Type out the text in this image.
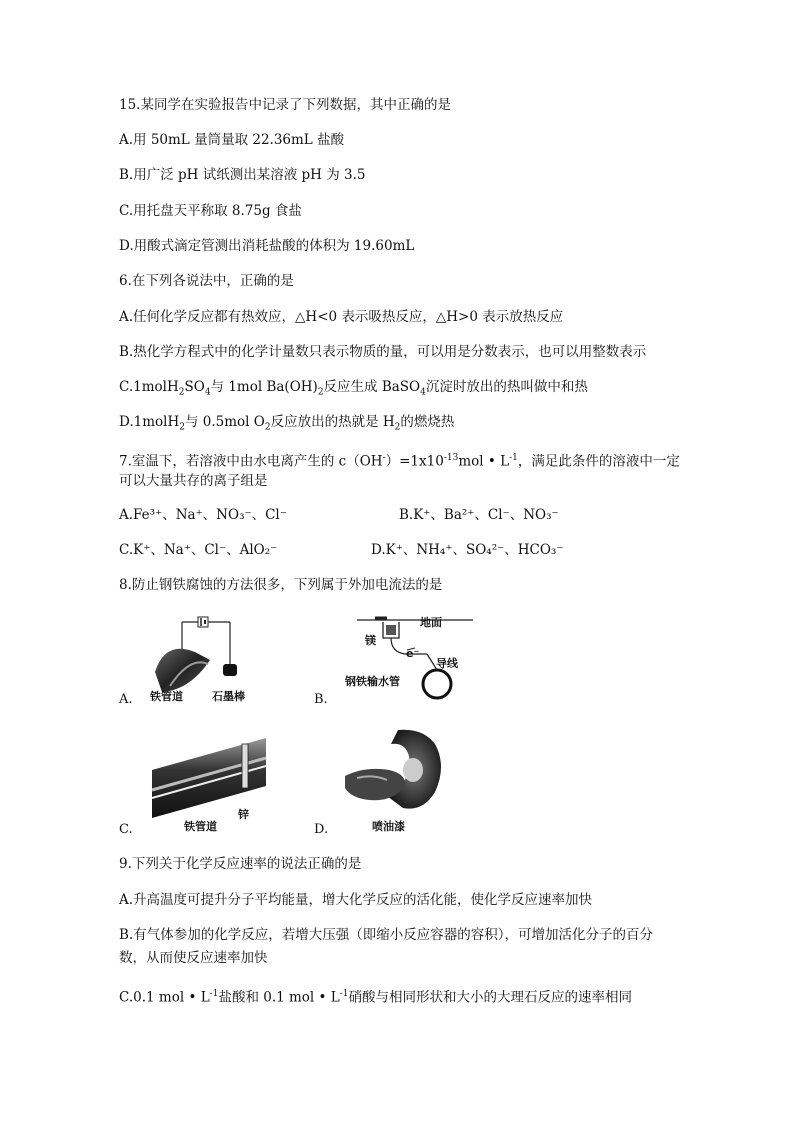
15.某同学在实验报告中记录了下列数据，其中正确的是
A.用 50mL 量筒量取 22.36mL 盐酸
B.用广泛 pH 试纸测出某溶液 pH 为 3.5
C.用托盘天平称取 8.75g 食盐
D.用酸式滴定管测出消耗盐酸的体积为 19.60mL
6.在下列各说法中，正确的是
A.任何化学反应都有热效应，△H<0 表示吸热反应，△H>0 表示放热反应
B.热化学方程式中的化学计量数只表示物质的量，可以用是分数表示，也可以用整数表示
$C.1molH_2SO_4$与 1mol $Ba(OH)_2$反应生成 BaSO$_4$沉淀时放出的热叫做中和热
D.1molH$_2$与 0.5mol $O_2$反应放出的热就是 $H_2$的燃烧热
7.室温下，若溶液中由水电离产生的 $c(OH^-)=1x10^{-13}mol$ • $L^{-1}$，满足此条件的溶液中一定
可以大量共存的离子组是
A.Fe³⁺、Na⁺、NO₃⁻、Cl⁻	B.K⁺、Ba²⁺、Cl⁻、NO₃⁻
C.K⁺、Na⁺、Cl⁻、AlO₂⁻	D.K⁺、NH₄⁺、SO₄²⁻、HCO₃⁻
8.防止钢铁腐蚀的方法很多，下列属于外加电流法的是
铁管道	石墨棒
A.
镁
地面
e⁻
导线
钢铁输水管
B.
铁管道
锌
C.	喷油漆
D.
9.下列关于化学反应速率的说法正确的是
A.升高温度可提升分子平均能量，增大化学反应的活化能，使化学反应速率加快
B.有气体参加的化学反应，若增大压强（即缩小反应容器的容积），可增加活化分子的百分
数，从而使反应速率加快
C.0.1 mol • $L^{-1}$盐酸和 0.1 mol • $L^{-1}$硝酸与相同形状和大小的大理石反应的速率相同
